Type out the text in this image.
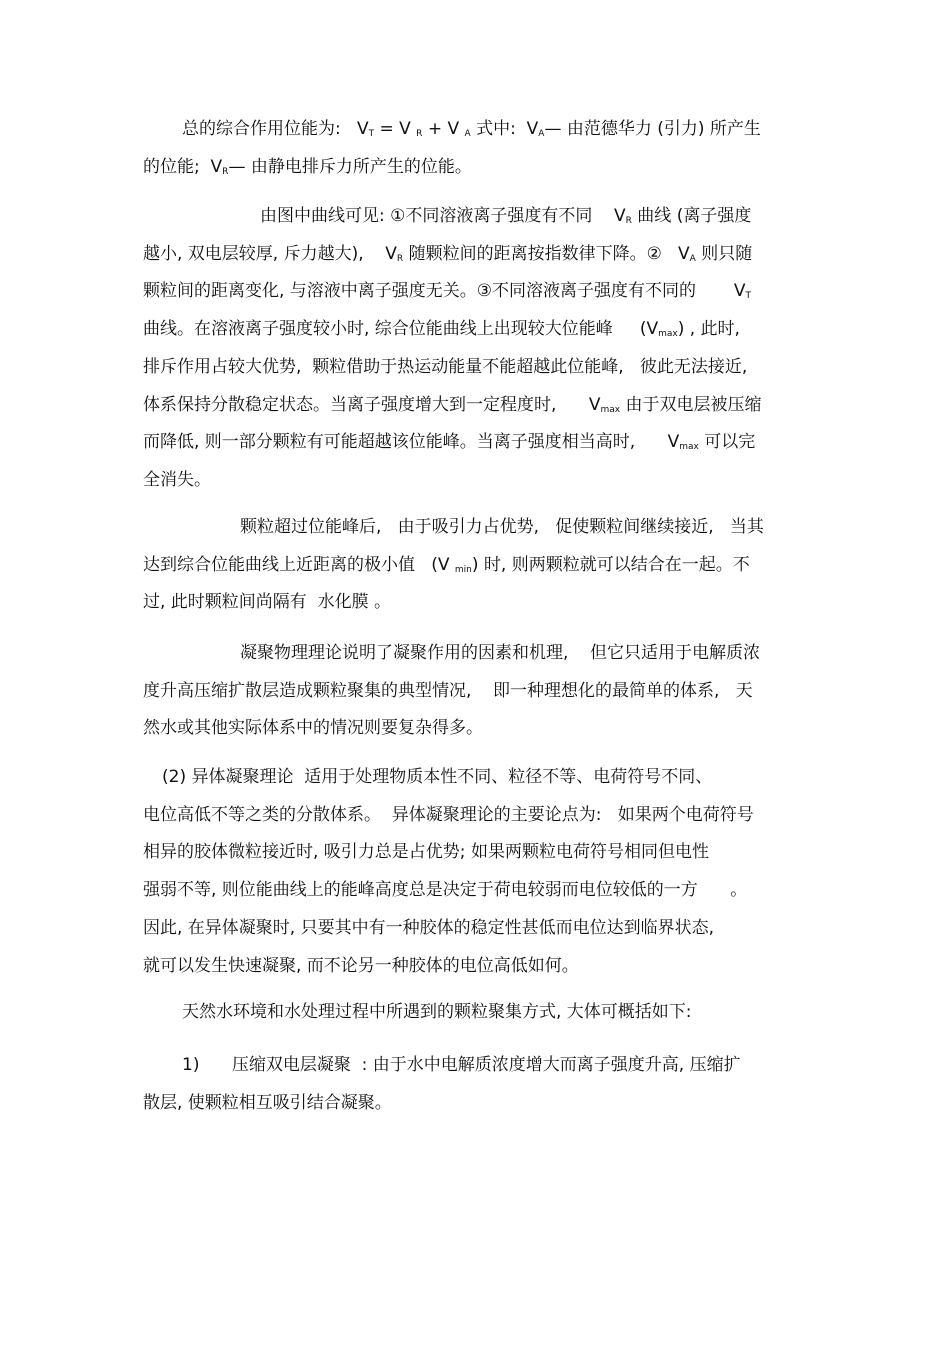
总的综合作用位能为:   $V_T = V$ $_R$ + V $_A$ 式中:  $V_A—$ 由范德华力 (引力) 所产生
的位能;  $V_R—$ 由静电排斥力所产生的位能。
由图中曲线可见: ①不同溶液离子强度有不同    $V_R$ 曲线 (离子强度
越小, 双电层较厚, 斥力越大),    $V_R$ 随颗粒间的距离按指数律下降。②   $V_A$ 则只随
颗粒间的距离变化, 与溶液中离子强度无关。③不同溶液离子强度有不同的       $V_T$
曲线。在溶液离子强度较小时, 综合位能曲线上出现较大位能峰     $(V_{max})$ , 此时,
排斥作用占较大优势,  颗粒借助于热运动能量不能超越此位能峰,   彼此无法接近,
体系保持分散稳定状态。当离子强度增大到一定程度时,      $V_{max}$ 由于双电层被压缩
而降低, 则一部分颗粒有可能超越该位能峰。当离子强度相当高时,      $V_{max}$ 可以完
全消失。
颗粒超过位能峰后,   由于吸引力占优势,   促使颗粒间继续接近,   当其
达到综合位能曲线上近距离的极小值   (V $_{min}$) 时, 则两颗粒就可以结合在一起。不
过, 此时颗粒间尚隔有  水化膜 。
凝聚物理理论说明了凝聚作用的因素和机理,    但它只适用于电解质浓
度升高压缩扩散层造成颗粒聚集的典型情况,    即一种理想化的最简单的体系,   天
然水或其他实际体系中的情况则要复杂得多。
(2) 异体凝聚理论  适用于处理物质本性不同、粒径不等、电荷符号不同、
电位高低不等之类的分散体系。  异体凝聚理论的主要论点为:   如果两个电荷符号
相异的胶体微粒接近时, 吸引力总是占优势; 如果两颗粒电荷符号相同但电性
强弱不等, 则位能曲线上的能峰高度总是决定于荷电较弱而电位较低的一方      。
因此, 在异体凝聚时, 只要其中有一种胶体的稳定性甚低而电位达到临界状态,
就可以发生快速凝聚, 而不论另一种胶体的电位高低如何。
天然水环境和水处理过程中所遇到的颗粒聚集方式, 大体可概括如下:
1)      压缩双电层凝聚  : 由于水中电解质浓度增大而离子强度升高, 压缩扩
散层, 使颗粒相互吸引结合凝聚。
